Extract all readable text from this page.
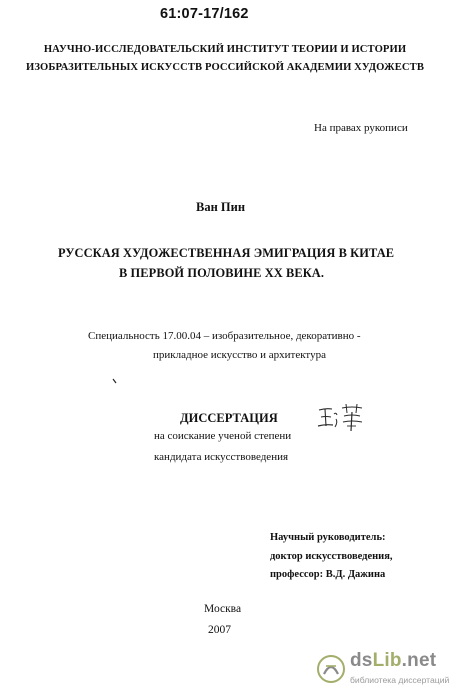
61:07-17/162
НАУЧНО-ИССЛЕДОВАТЕЛЬСКИЙ ИНСТИТУТ ТЕОРИИ И ИСТОРИИ
ИЗОБРАЗИТЕЛЬНЫХ ИСКУССТВ РОССИЙСКОЙ АКАДЕМИИ ХУДОЖЕСТВ
На правах рукописи
Ван Пин
РУССКАЯ ХУДОЖЕСТВЕННАЯ ЭМИГРАЦИЯ В КИТАЕ
В ПЕРВОЙ ПОЛОВИНЕ XX ВЕКА.
Специальность 17.00.04 – изобразительное, декоративно -
прикладное искусство и архитектура
ДИССЕРТАЦИЯ
на соискание ученой степени
кандидата искусствоведения
Научный руководитель:
доктор искусствоведения,
профессор: В.Д. Дажина
Москва
2007
dsLib.net
библиотека диссертаций
